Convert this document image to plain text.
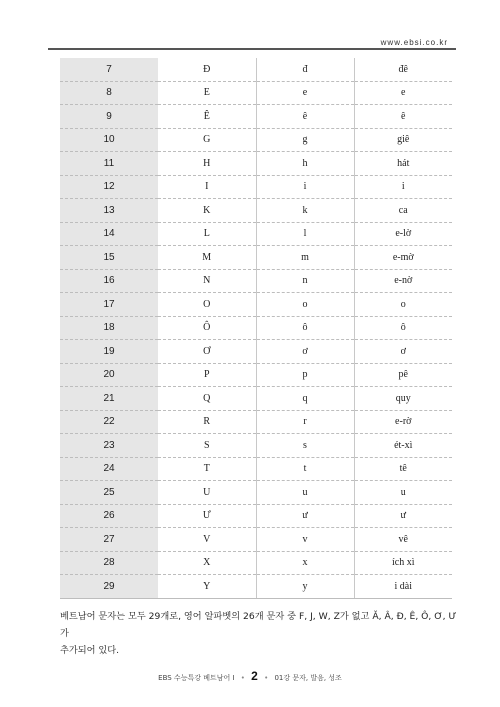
www.ebsi.co.kr
7	Đ	đ	đê
8	E	e	e
9	Ê	ê	ê
10	G	g	giê
11	H	h	hát
12	I	i	i
13	K	k	ca
14	L	l	e-lờ
15	M	m	e-mờ
16	N	n	e-nờ
17	O	o	o
18	Ô	ô	ô
19	Ơ	ơ	ơ
20	P	p	pê
21	Q	q	quy
22	R	r	e-rờ
23	S	s	ét-xì
24	T	t	tê
25	U	u	u
26	Ư	ư	ư
27	V	v	vê
28	X	x	ích xì
29	Y	y	i dài
베트남어 문자는 모두 29개로, 영어 알파벳의 26개 문자 중 F, J, W, Z가 없고 Ă, Â, Đ, Ê, Ô, Ơ, Ư가
추가되어 있다.
EBS 수능특강 베트남어 I • 2 • 01강 문자, 발음, 성조
